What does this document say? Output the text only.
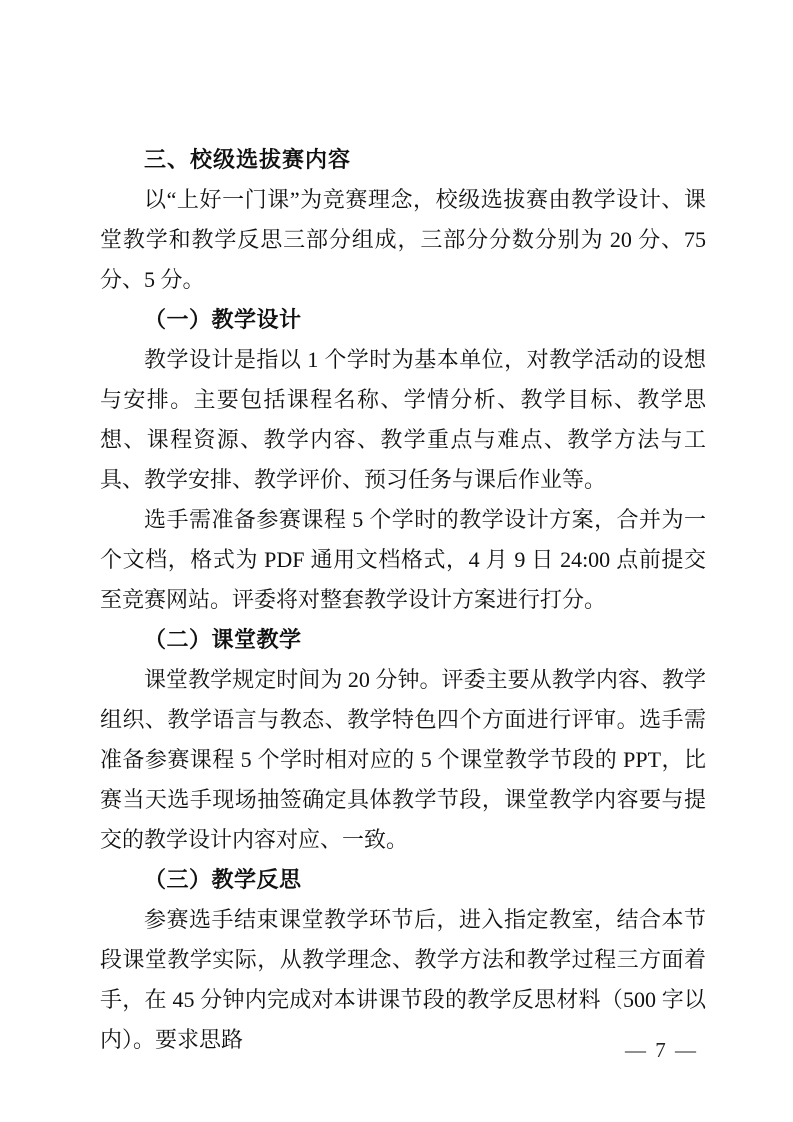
三、校级选拔赛内容

以“上好一门课”为竞赛理念，校级选拔赛由教学设计、课堂教学和教学反思三部分组成，三部分分数分别为 20 分、75 分、5 分。

（一）教学设计

教学设计是指以 1 个学时为基本单位，对教学活动的设想与安排。主要包括课程名称、学情分析、教学目标、教学思想、课程资源、教学内容、教学重点与难点、教学方法与工具、教学安排、教学评价、预习任务与课后作业等。

选手需准备参赛课程 5 个学时的教学设计方案，合并为一个文档，格式为 PDF 通用文档格式，4 月 9 日 24:00 点前提交至竞赛网站。评委将对整套教学设计方案进行打分。

（二）课堂教学

课堂教学规定时间为 20 分钟。评委主要从教学内容、教学组织、教学语言与教态、教学特色四个方面进行评审。选手需准备参赛课程 5 个学时相对应的 5 个课堂教学节段的 PPT，比赛当天选手现场抽签确定具体教学节段，课堂教学内容要与提交的教学设计内容对应、一致。

（三）教学反思

参赛选手结束课堂教学环节后，进入指定教室，结合本节段课堂教学实际，从教学理念、教学方法和教学过程三方面着手，在 45 分钟内完成对本讲课节段的教学反思材料（500 字以内）。要求思路	— 7 —
